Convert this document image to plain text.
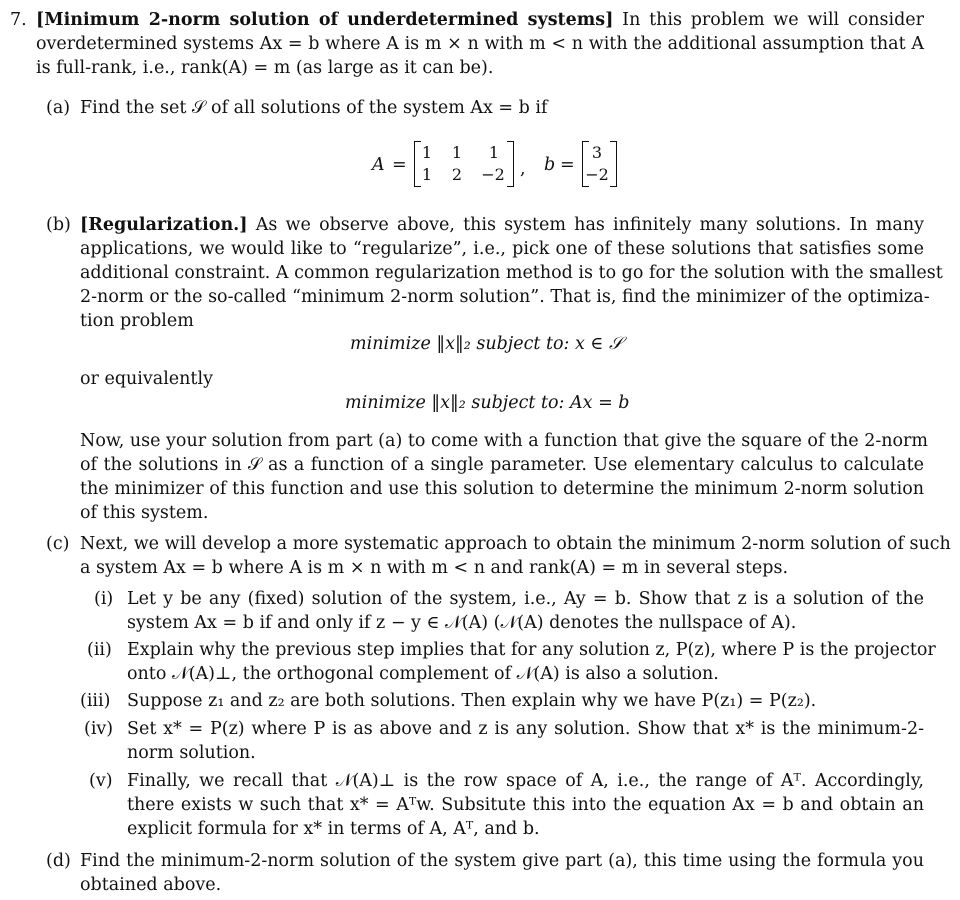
7. [Minimum 2-norm solution of underdetermined systems] In this problem we will consider
overdetermined systems Ax = b where A is m × n with m < n with the additional assumption that A
is full-rank, i.e., rank(A) = m (as large as it can be).
(a) Find the set 𝒮 of all solutions of the system Ax = b if
A =
1	1	1
1	2	−2 , b =
3
−2
(b) [Regularization.] As we observe above, this system has infinitely many solutions. In many
applications, we would like to “regularize”, i.e., pick one of these solutions that satisfies some
additional constraint. A common regularization method is to go for the solution with the smallest
2-norm or the so-called “minimum 2-norm solution”. That is, find the minimizer of the optimiza-
tion problem
minimize ‖x‖₂ subject to: x ∈ 𝒮
or equivalently
minimize ‖x‖₂ subject to: Ax = b
Now, use your solution from part (a) to come with a function that give the square of the 2-norm
of the solutions in 𝒮 as a function of a single parameter. Use elementary calculus to calculate
the minimizer of this function and use this solution to determine the minimum 2-norm solution
of this system.
(c) Next, we will develop a more systematic approach to obtain the minimum 2-norm solution of such
a system Ax = b where A is m × n with m < n and rank(A) = m in several steps.
(i) Let y be any (fixed) solution of the system, i.e., Ay = b. Show that z is a solution of the
system Ax = b if and only if z − y ∈ 𝒩(A) (𝒩(A) denotes the nullspace of A).
(ii) Explain why the previous step implies that for any solution z, P(z), where P is the projector
onto 𝒩(A)⊥, the orthogonal complement of 𝒩(A) is also a solution.
(iii) Suppose z₁ and z₂ are both solutions. Then explain why we have P(z₁) = P(z₂).
(iv) Set x* = P(z) where P is as above and z is any solution. Show that x* is the minimum-2-
norm solution.
(v) Finally, we recall that 𝒩(A)⊥ is the row space of A, i.e., the range of Aᵀ. Accordingly,
there exists w such that x* = Aᵀw. Subsitute this into the equation Ax = b and obtain an
explicit formula for x* in terms of A, Aᵀ, and b.
(d) Find the minimum-2-norm solution of the system give part (a), this time using the formula you
obtained above.
